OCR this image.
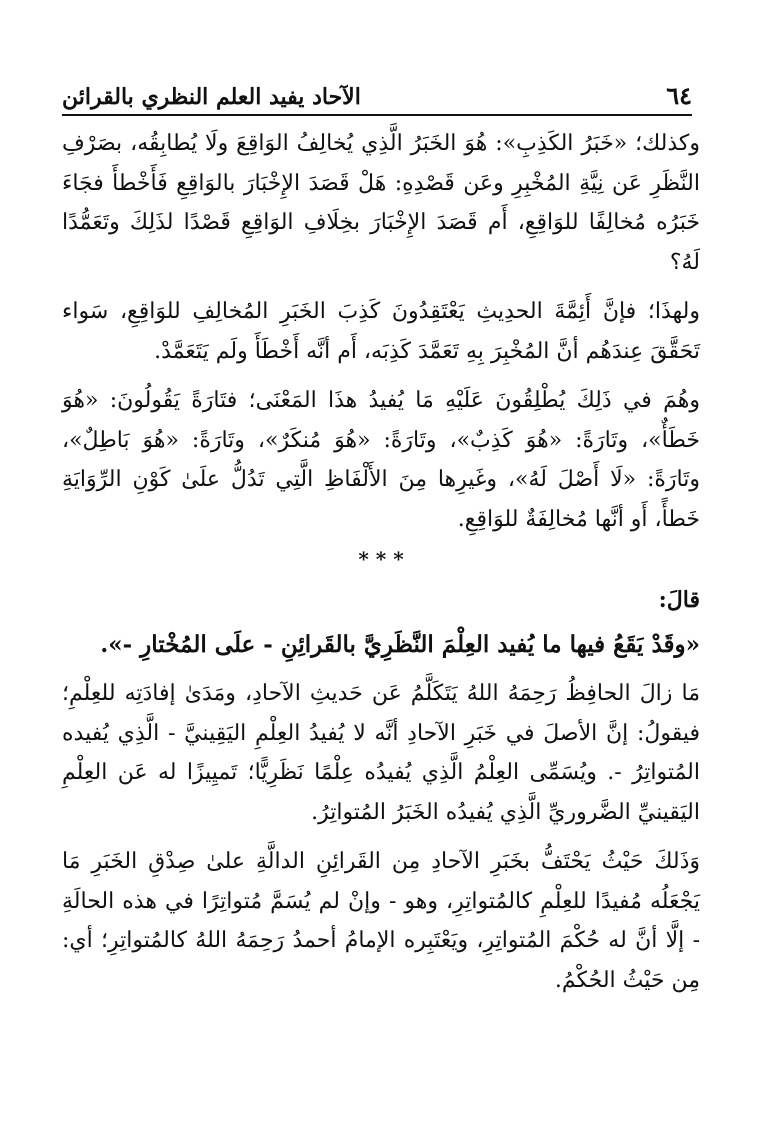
٦٤
الآحاد يفيد العلم النظري بالقرائن

وكذلك؛ «خَبَرُ الكَذِبِ»: هُوَ الخَبَرُ الَّذِي يُخالِفُ الوَاقِعَ ولَا يُطابِقُه، بصَرْفِ النَّظَرِ عَن نِيَّةِ المُخْبِرِ وعَن قَصْدِهِ: هَلْ قَصَدَ الإِخْبَارَ بالوَاقِعِ فَأَخْطأَ فجَاءَ خَبَرُه مُخالِفًا للوَاقِعِ، أَم قَصَدَ الإِخْبَارَ بخِلَافِ الوَاقِعِ قَصْدًا لذَلِكَ وتَعَمُّدًا لَهُ؟

ولهذَا؛ فإنَّ أَئِمَّةَ الحدِيثِ يَعْتَقِدُونَ كَذِبَ الخَبَرِ المُخالِفِ للوَاقِعِ، سَواء تَحَقَّقَ عِندَهُم أنَّ المُخْبِرَ بِهِ تَعَمَّدَ كَذِبَه، أَم أنَّه أَخْطَأَ ولَم يَتَعَمَّدْ.

وهُمَ في ذَلِكَ يُطْلِقُونَ عَلَيْهِ مَا يُفيدُ هذَا المَعْنَى؛ فتَارَةً يَقُولُونَ: «هُوَ خَطَأٌ»، وتَارَةً: «هُوَ كَذِبٌ»، وتَارَةً: «هُوَ مُنكَرٌ»، وتَارَةً: «هُوَ بَاطِلٌ»، وتَارَةً: «لَا أَصْلَ لَهُ»، وغَيرِها مِنَ الأَلْفَاظِ الَّتِي تَدُلُّ علَىٰ كَوْنِ الرِّوَايَةِ خَطأً، أَو أنَّها مُخالِفَةٌ للوَاقِعِ.

* * *

قالَ:

«وقَدْ يَقَعُ فيها ما يُفيد العِلْمَ النَّظَرِيَّ بالقَرائِنِ - علَى المُخْتارِ -».

مَا زالَ الحافِظُ رَحِمَهُ اللهُ يَتَكَلَّمُ عَن حَديثِ الآحادِ، ومَدَىٰ إفادَتِه للعِلْمِ؛ فيقولُ: إنَّ الأصلَ في خَبَرِ الآحادِ أنَّه لا يُفيدُ العِلْمِ اليَقِينيَّ - الَّذِي يُفيده المُتواتِرُ -. ويُسَمِّى العِلْمُ الَّذِي يُفيدُه عِلْمًا نَظَرِيًّا؛ تَميِيزًا له عَن العِلْمِ اليَقينيِّ الضَّروريِّ الَّذِي يُفيدُه الخَبَرُ المُتواتِرُ.

وَذَلكَ حَيْثُ يَحْتَفُّ بخَبَرِ الآحادِ مِن القَرائِنِ الدالَّةِ علىٰ صِدْقِ الخَبَرِ مَا يَجْعَلُه مُفيدًا للعِلْمِ كالمُتواتِرِ، وهو - وإنْ لم يُسَمَّ مُتواتِرًا في هذه الحالَةِ - إلَّا أنَّ له حُكْمَ المُتواتِرِ، ويَعْتَبِره الإمامُ أحمدُ رَحِمَهُ اللهُ كالمُتواتِرِ؛ أي: مِن حَيْثُ الحُكْمُ.
